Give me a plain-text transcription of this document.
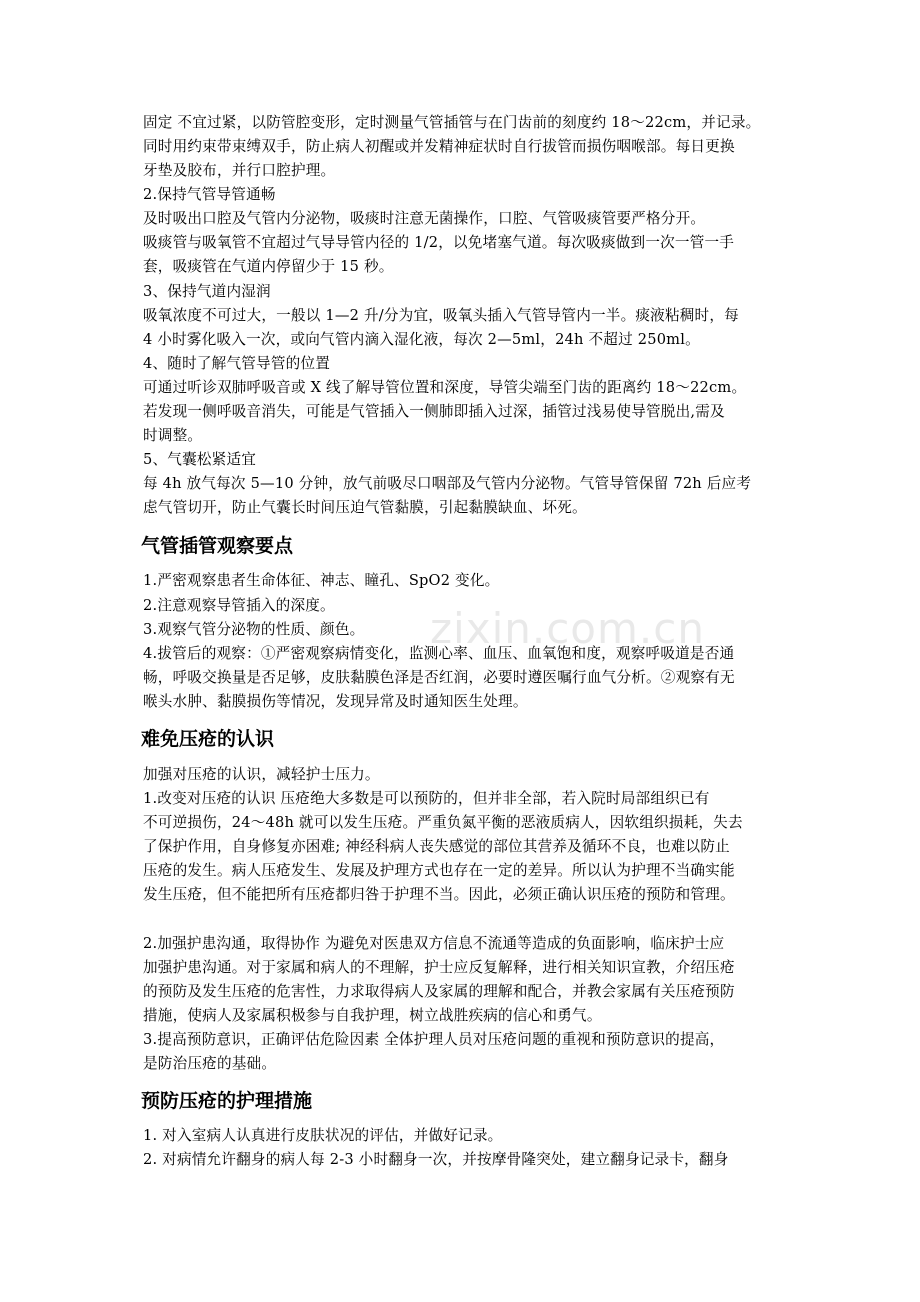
zixin.com.cn
固定 不宜过紧，以防管腔变形，定时测量气管插管与在门齿前的刻度约 18～22cm，并记录。
同时用约束带束缚双手，防止病人初醒或并发精神症状时自行拔管而损伤咽喉部。每日更换
牙垫及胶布，并行口腔护理。
2.保持气管导管通畅
及时吸出口腔及气管内分泌物，吸痰时注意无菌操作，口腔、气管吸痰管要严格分开。
吸痰管与吸氧管不宜超过气导导管内径的 1/2，以免堵塞气道。每次吸痰做到一次一管一手
套，吸痰管在气道内停留少于 15 秒。
3、保持气道内湿润
吸氧浓度不可过大，一般以 1—2 升/分为宜，吸氧头插入气管导管内一半。痰液粘稠时，每
4 小时雾化吸入一次，或向气管内滴入湿化液，每次 2—5ml，24h 不超过 250ml。
4、随时了解气管导管的位置
可通过听诊双肺呼吸音或 X 线了解导管位置和深度，导管尖端至门齿的距离约 18～22cm。
若发现一侧呼吸音消失，可能是气管插入一侧肺即插入过深，插管过浅易使导管脱出,需及
时调整。
5、气囊松紧适宜
每 4h 放气每次 5—10 分钟，放气前吸尽口咽部及气管内分泌物。气管导管保留 72h 后应考
虑气管切开，防止气囊长时间压迫气管黏膜，引起黏膜缺血、坏死。
气管插管观察要点
1.严密观察患者生命体征、神志、瞳孔、SpO2 变化。
2.注意观察导管插入的深度。
3.观察气管分泌物的性质、颜色。
4.拔管后的观察：①严密观察病情变化，监测心率、血压、血氧饱和度，观察呼吸道是否通
畅，呼吸交换量是否足够，皮肤黏膜色泽是否红润，必要时遵医嘱行血气分析。②观察有无
喉头水肿、黏膜损伤等情况，发现异常及时通知医生处理。
难免压疮的认识
加强对压疮的认识，减轻护士压力。
1.改变对压疮的认识 压疮绝大多数是可以预防的，但并非全部，若入院时局部组织已有
不可逆损伤，24～48h 就可以发生压疮。严重负氮平衡的恶液质病人，因软组织损耗，失去
了保护作用，自身修复亦困难; 神经科病人丧失感觉的部位其营养及循环不良，也难以防止
压疮的发生。病人压疮发生、发展及护理方式也存在一定的差异。所以认为护理不当确实能
发生压疮，但不能把所有压疮都归咎于护理不当。因此，必须正确认识压疮的预防和管理。
2.加强护患沟通，取得协作 为避免对医患双方信息不流通等造成的负面影响，临床护士应
加强护患沟通。对于家属和病人的不理解，护士应反复解释，进行相关知识宣教，介绍压疮
的预防及发生压疮的危害性，力求取得病人及家属的理解和配合，并教会家属有关压疮预防
措施，使病人及家属积极参与自我护理，树立战胜疾病的信心和勇气。
3.提高预防意识，正确评估危险因素 全体护理人员对压疮问题的重视和预防意识的提高，
是防治压疮的基础。
预防压疮的护理措施
1. 对入室病人认真进行皮肤状况的评估，并做好记录。
2. 对病情允许翻身的病人每 2-3 小时翻身一次，并按摩骨隆突处，建立翻身记录卡，翻身
